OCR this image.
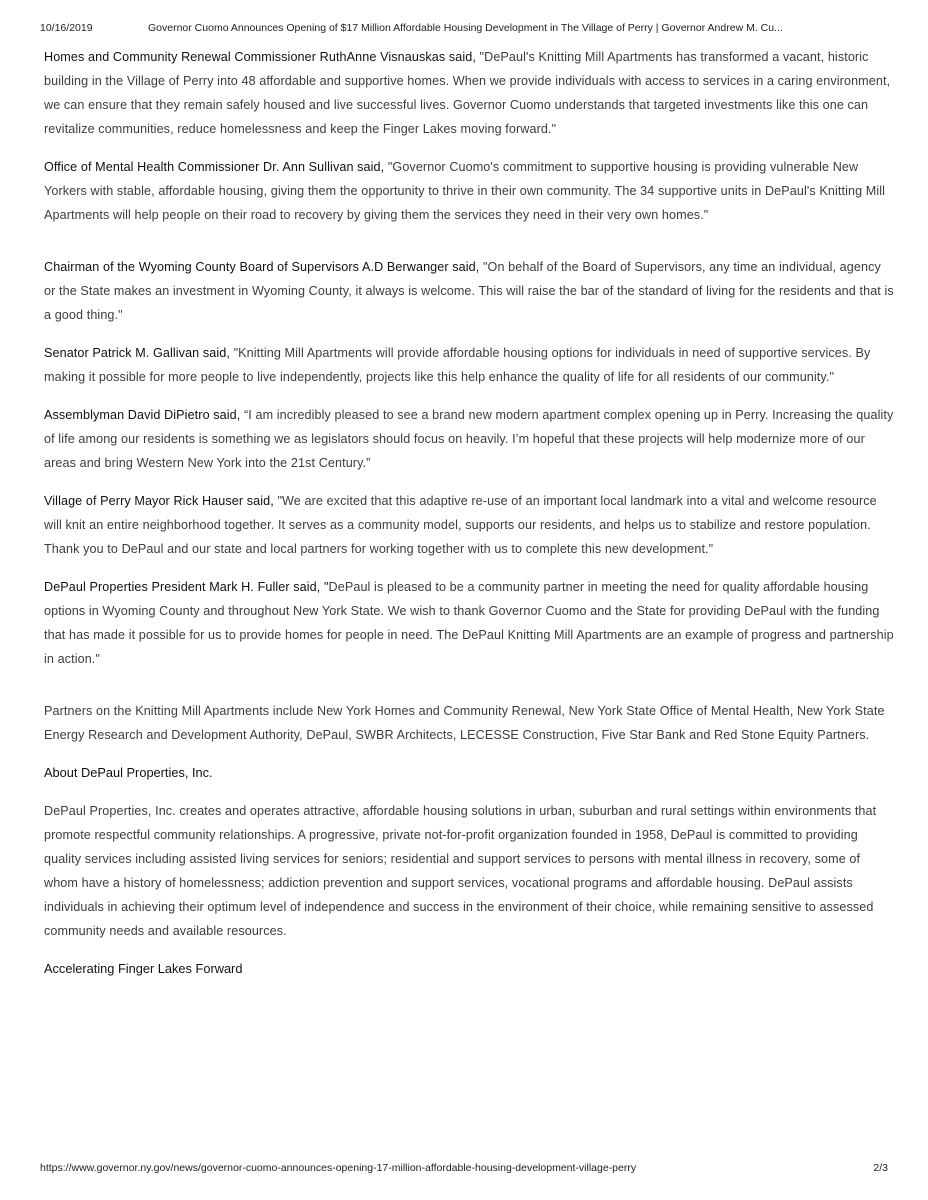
10/16/2019	Governor Cuomo Announces Opening of $17 Million Affordable Housing Development in The Village of Perry | Governor Andrew M. Cu...

Homes and Community Renewal Commissioner RuthAnne Visnauskas said, "DePaul's Knitting Mill Apartments has transformed a vacant, historic building in the Village of Perry into 48 affordable and supportive homes. When we provide individuals with access to services in a caring environment, we can ensure that they remain safely housed and live successful lives. Governor Cuomo understands that targeted investments like this one can revitalize communities, reduce homelessness and keep the Finger Lakes moving forward."

Office of Mental Health Commissioner Dr. Ann Sullivan said, "Governor Cuomo's commitment to supportive housing is providing vulnerable New Yorkers with stable, affordable housing, giving them the opportunity to thrive in their own community. The 34 supportive units in DePaul's Knitting Mill Apartments will help people on their road to recovery by giving them the services they need in their very own homes."

Chairman of the Wyoming County Board of Supervisors A.D Berwanger said, "On behalf of the Board of Supervisors, any time an individual, agency or the State makes an investment in Wyoming County, it always is welcome. This will raise the bar of the standard of living for the residents and that is a good thing."

Senator Patrick M. Gallivan said, "Knitting Mill Apartments will provide affordable housing options for individuals in need of supportive services. By making it possible for more people to live independently, projects like this help enhance the quality of life for all residents of our community."

Assemblyman David DiPietro said, “I am incredibly pleased to see a brand new modern apartment complex opening up in Perry. Increasing the quality of life among our residents is something we as legislators should focus on heavily. I’m hopeful that these projects will help modernize more of our areas and bring Western New York into the 21st Century.”

Village of Perry Mayor Rick Hauser said, "We are excited that this adaptive re-use of an important local landmark into a vital and welcome resource will knit an entire neighborhood together. It serves as a community model, supports our residents, and helps us to stabilize and restore population. Thank you to DePaul and our state and local partners for working together with us to complete this new development."

DePaul Properties President Mark H. Fuller said, "DePaul is pleased to be a community partner in meeting the need for quality affordable housing options in Wyoming County and throughout New York State. We wish to thank Governor Cuomo and the State for providing DePaul with the funding that has made it possible for us to provide homes for people in need. The DePaul Knitting Mill Apartments are an example of progress and partnership in action."

Partners on the Knitting Mill Apartments include New York Homes and Community Renewal, New York State Office of Mental Health, New York State Energy Research and Development Authority, DePaul, SWBR Architects, LECESSE Construction, Five Star Bank and Red Stone Equity Partners.

About DePaul Properties, Inc.

DePaul Properties, Inc. creates and operates attractive, affordable housing solutions in urban, suburban and rural settings within environments that promote respectful community relationships. A progressive, private not-for-profit organization founded in 1958, DePaul is committed to providing quality services including assisted living services for seniors; residential and support services to persons with mental illness in recovery, some of whom have a history of homelessness; addiction prevention and support services, vocational programs and affordable housing. DePaul assists individuals in achieving their optimum level of independence and success in the environment of their choice, while remaining sensitive to assessed community needs and available resources.

Accelerating Finger Lakes Forward

https://www.governor.ny.gov/news/governor-cuomo-announces-opening-17-million-affordable-housing-development-village-perry	2/3
